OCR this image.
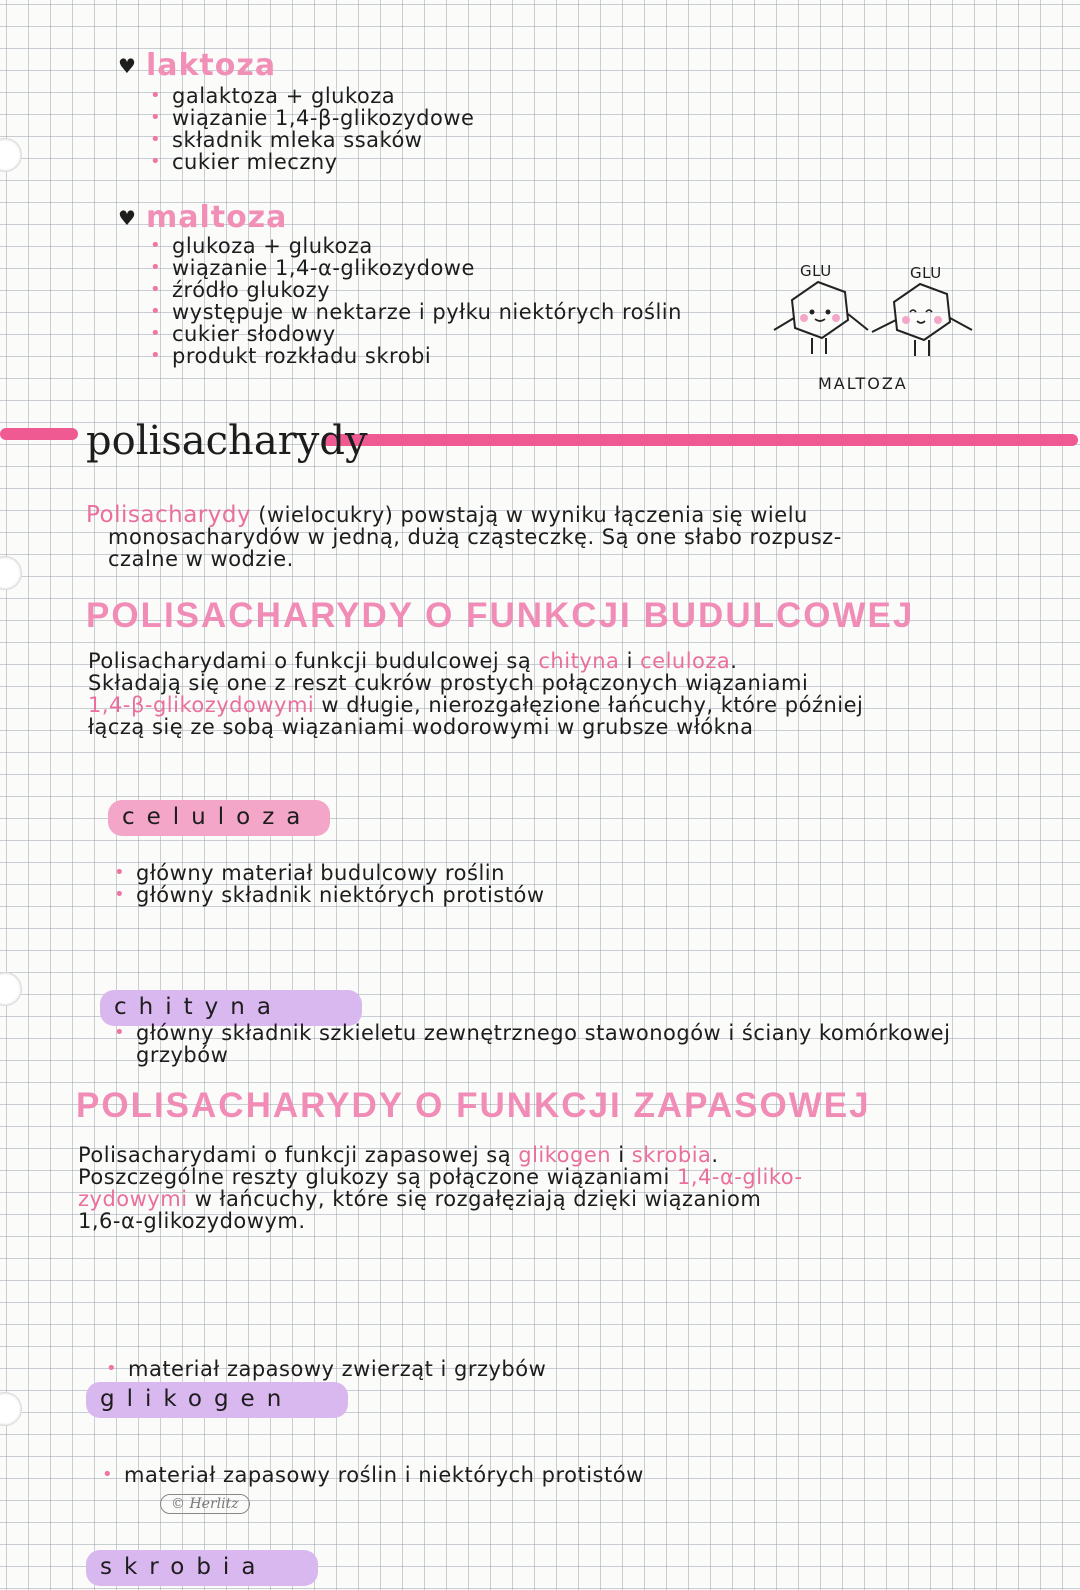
♥ laktoza
• galaktoza + glukoza
• wiązanie 1,4-β-glikozydowe
• składnik mleka ssaków
• cukier mleczny
♥ maltoza
• glukoza + glukoza
• wiązanie 1,4-α-glikozydowe
• źródło glukozy
• występuje w nektarze i pyłku niektórych roślin
• cukier słodowy
• produkt rozkładu skrobi
GLU	GLU
MALTOZA
polisacharydy

Polisacharydy (wielocukry) powstają w wyniku łączenia się wielu

monosacharydów w jedną, dużą cząsteczkę. Są one słabo rozpusz-

czalne w wodzie.

POLISACHARYDY O FUNKCJI BUDULCOWEJ

Polisacharydami o funkcji budulcowej są chityna i celuloza.

Składają się one z reszt cukrów prostych połączonych wiązaniami

1,4-β-glikozydowymi w długie, nierozgałęzione łańcuchy, które później

łączą się ze sobą wiązaniami wodorowymi w grubsze włókna

celuloza
• główny materiał budulcowy roślin
• główny składnik niektórych protistów
chityna
• główny składnik szkieletu zewnętrznego stawonogów i ściany komórkowej
grzybów
POLISACHARYDY O FUNKCJI ZAPASOWEJ

Polisacharydami o funkcji zapasowej są glikogen i skrobia.

Poszczególne reszty glukozy są połączone wiązaniami 1,4-α-gliko-

zydowymi w łańcuchy, które się rozgałęziają dzięki wiązaniom

1,6-α-glikozydowym.

glikogen
• materiał zapasowy zwierząt i grzybów
skrobia
• materiał zapasowy roślin i niektórych protistów
© Herlitz
